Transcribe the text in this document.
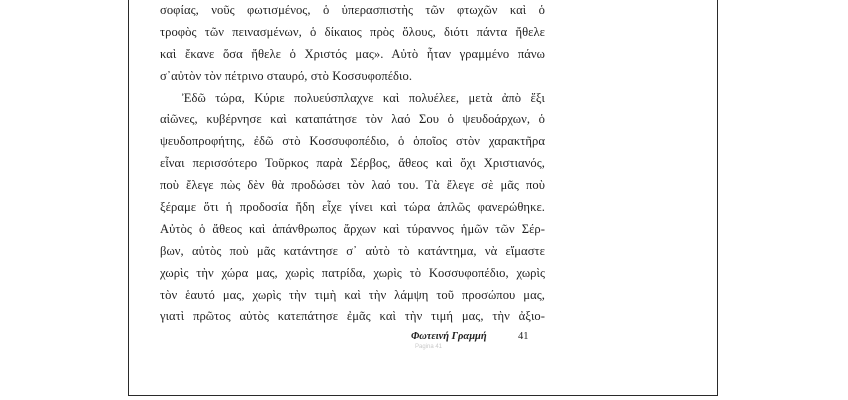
σοφίας, νοῦς φωτισμένος, ὁ ὑπερασπιστὴς τῶν φτωχῶν καὶ ὁ
τροφὸς τῶν πεινασμένων, ὁ δίκαιος πρὸς ὅλους, διότι πάντα ἤθελε
καὶ ἔκανε ὅσα ἤθελε ὁ Χριστός μας». Αὐτὸ ἦταν γραμμένο πάνω
σ᾽αὐτὸν τὸν πέτρινο σταυρό, στὸ Κοσσυφοπέδιο.
Ἐδῶ τώρα, Κύριε πολυεύσπλαχνε καὶ πολυέλεε, μετὰ ἀπὸ ἕξι
αἰῶνες, κυβέρνησε καὶ καταπάτησε τὸν λαό Σου ὁ ψευδοάρχων, ὁ
ψευδοπροφήτης, ἐδῶ στὸ Κοσσυφοπέδιο, ὁ ὁποῖος στὸν χαρακτῆρα
εἶναι περισσότερο Τοῦρκος παρὰ Σέρβος, ἄθεος καὶ ὄχι Χριστιανός,
ποὺ ἔλεγε πὼς δὲν θὰ προδώσει τὸν λαό του. Τὰ ἔλεγε σὲ μᾶς ποὺ
ξέραμε ὅτι ἡ προδοσία ἤδη εἶχε γίνει καὶ τώρα ἁπλῶς φανερώθηκε.
Αὐτὸς ὁ ἄθεος καὶ ἀπάνθρωπος ἄρχων καὶ τύραννος ἡμῶν τῶν Σέρ-
βων, αὐτὸς ποὺ μᾶς κατάντησε σ᾽ αὐτὸ τὸ κατάντημα, νὰ εἴμαστε
χωρὶς τὴν χώρα μας, χωρὶς πατρίδα, χωρὶς τὸ Κοσσυφοπέδιο, χωρὶς
τὸν ἑαυτό μας, χωρὶς τὴν τιμὴ καὶ τὴν λάμψη τοῦ προσώπου μας,
γιατὶ πρῶτος αὐτὸς κατεπάτησε ἐμᾶς καὶ τὴν τιμή μας, τὴν ἀξιο-
Φωτεινή Γραμμή	41
Pagina 41
